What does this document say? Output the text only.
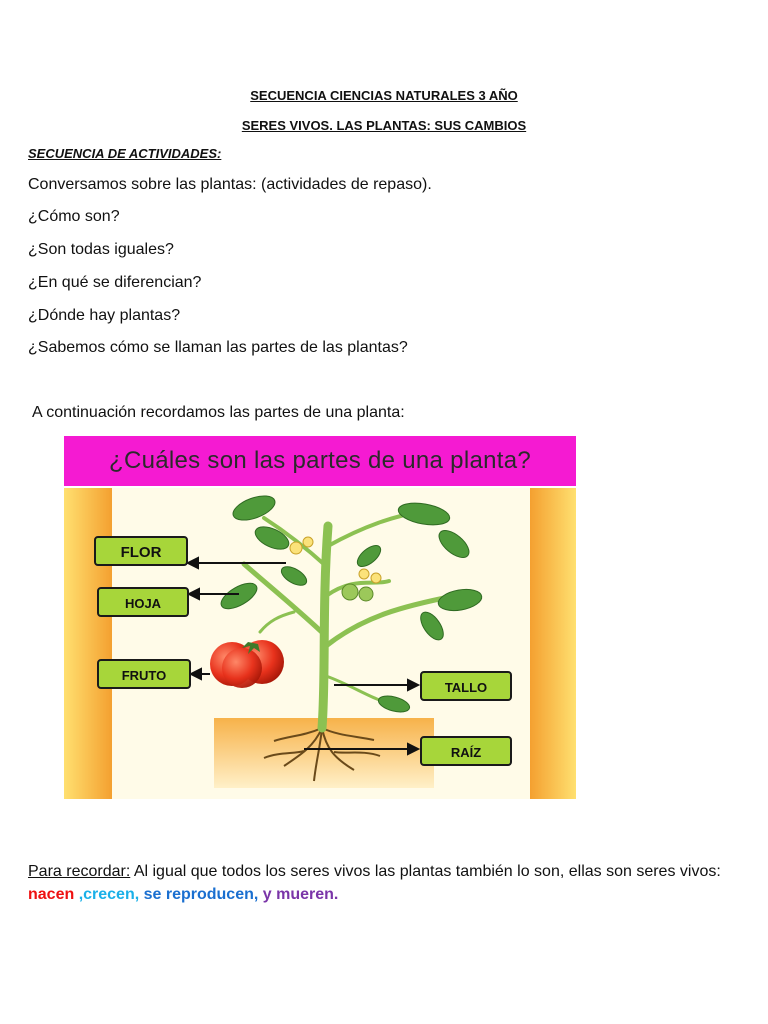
SECUENCIA CIENCIAS NATURALES 3 AÑO
SERES VIVOS. LAS PLANTAS: SUS CAMBIOS
SECUENCIA DE ACTIVIDADES:
Conversamos sobre las plantas: (actividades de repaso).
¿Cómo son?
¿Son todas iguales?
¿En qué se diferencian?
¿Dónde hay plantas?
¿Sabemos cómo se llaman las partes de las plantas?
A continuación recordamos las partes de una planta:
¿Cuáles son las partes de una planta?
FLOR
HOJA
FRUTO
TALLO
RAÍZ
Para recordar: Al igual que todos los seres vivos las plantas también lo son, ellas son seres vivos:
nacen ,crecen, se reproducen, y mueren.
